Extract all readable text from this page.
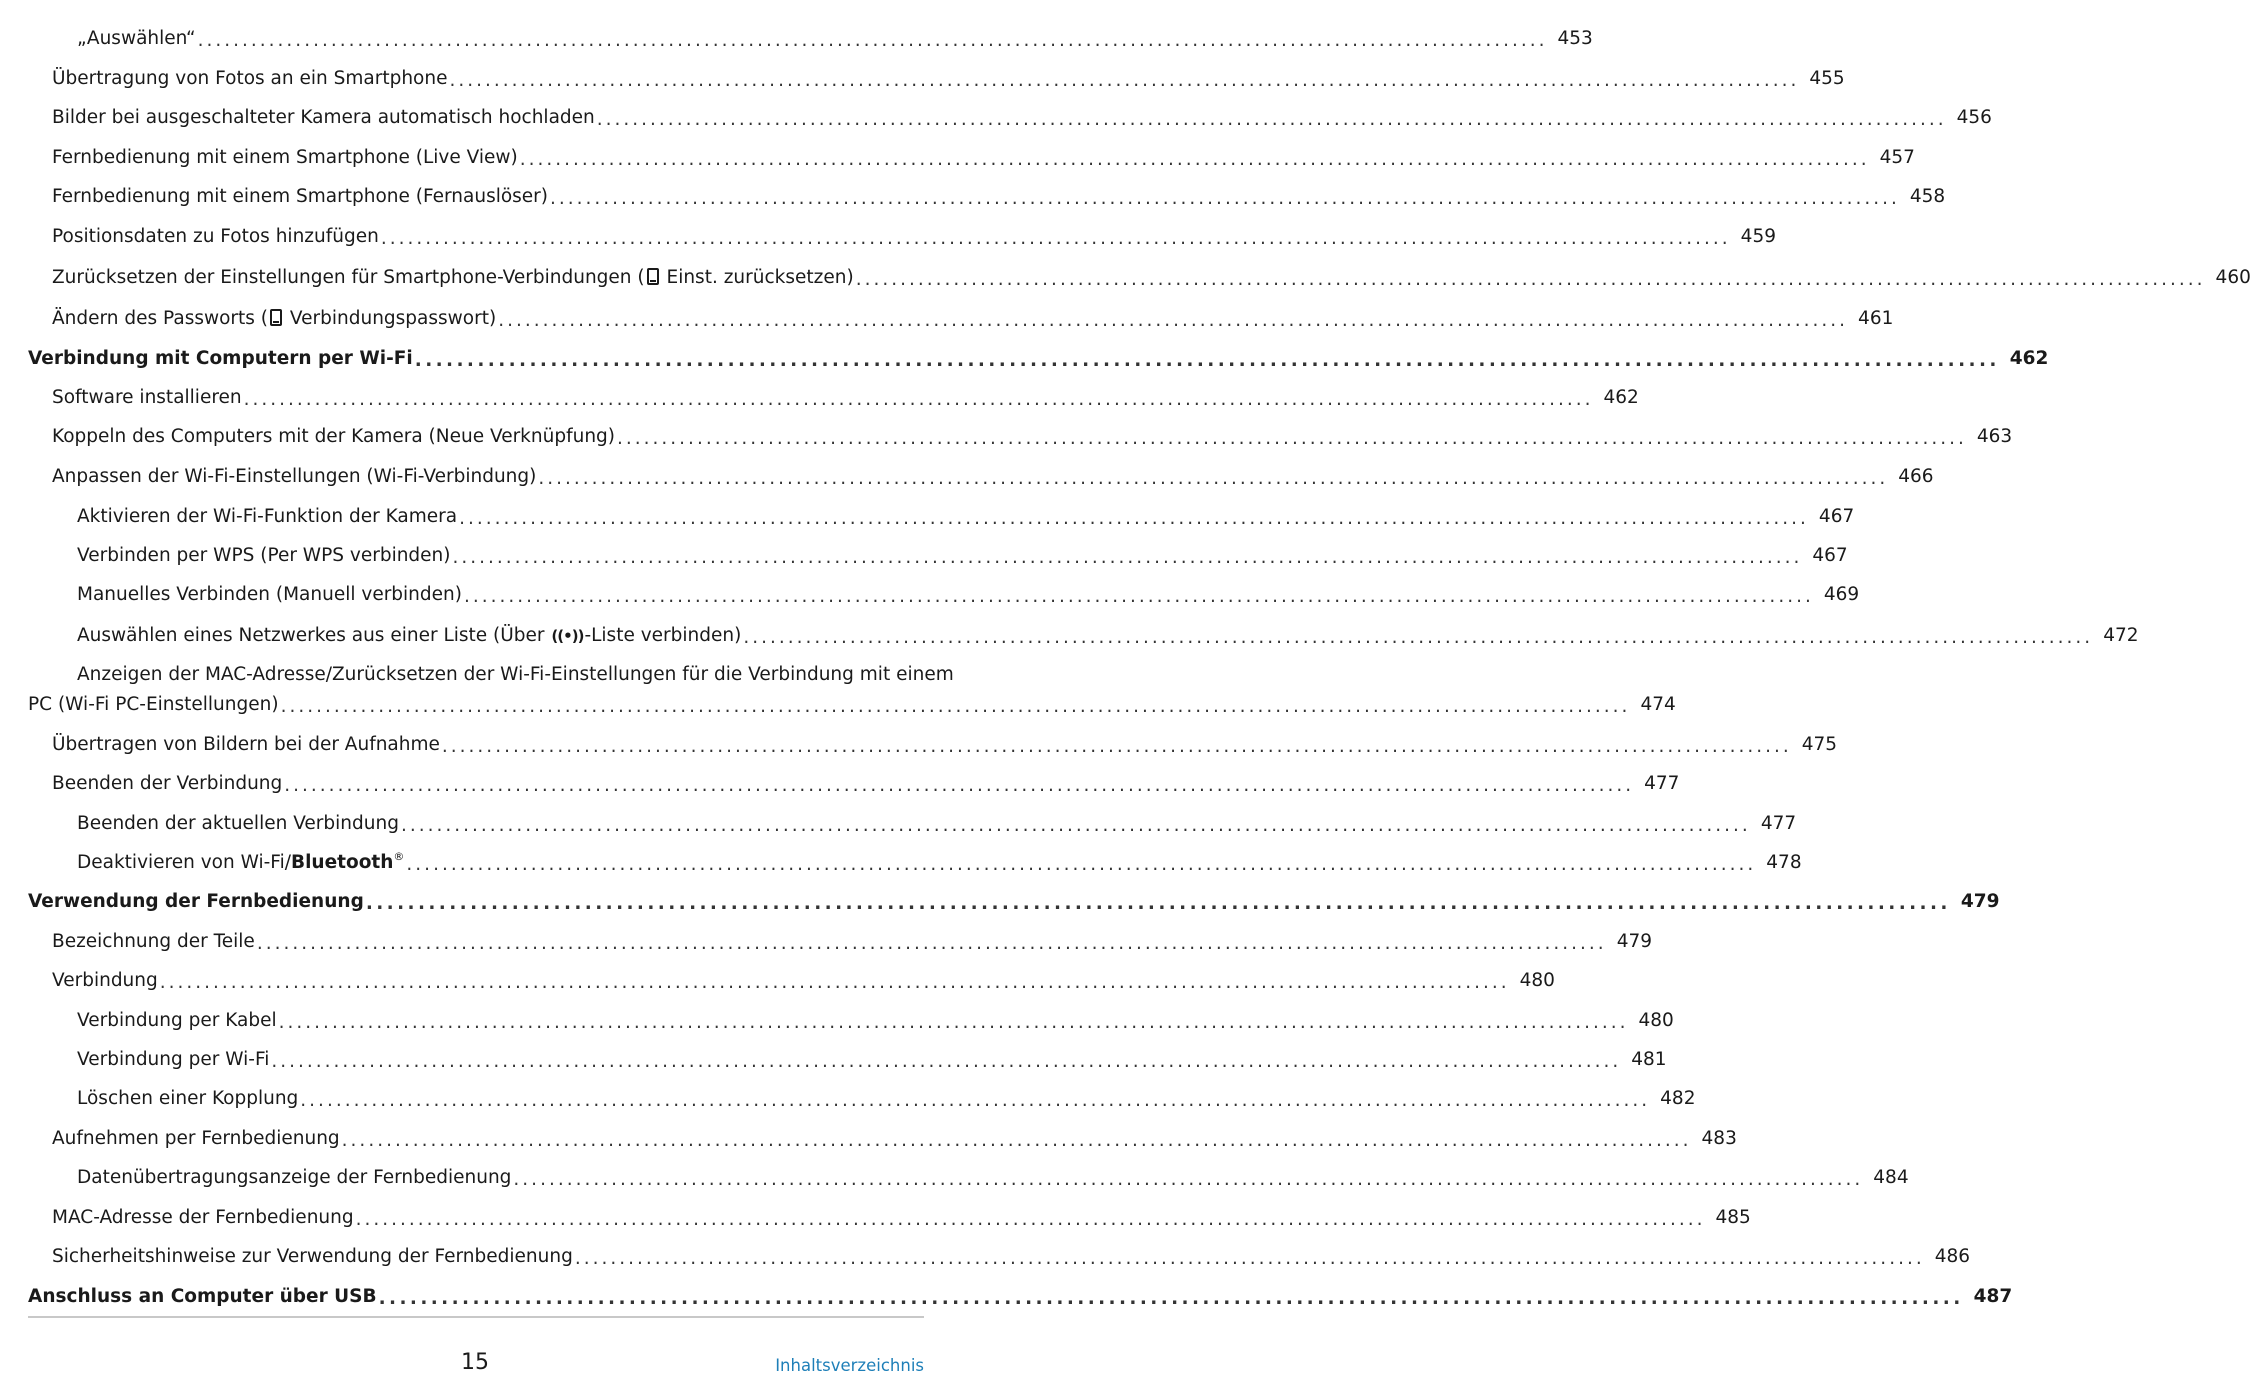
„Auswählen“ .....	453
Übertragung von Fotos an ein Smartphone .....	455
Bilder bei ausgeschalteter Kamera automatisch hochladen .....	456
Fernbedienung mit einem Smartphone (Live View) .....	457
Fernbedienung mit einem Smartphone (Fernauslöser) .....	458
Positionsdaten zu Fotos hinzufügen .....	459
Zurücksetzen der Einstellungen für Smartphone-Verbindungen ( Einst. zurücksetzen) .....	460
Ändern des Passworts ( Verbindungspasswort) .....	461
Verbindung mit Computern per Wi-Fi .....	462
Software installieren .....	462
Koppeln des Computers mit der Kamera (Neue Verknüpfung) .....	463
Anpassen der Wi-Fi-Einstellungen (Wi-Fi-Verbindung) .....	466
Aktivieren der Wi-Fi-Funktion der Kamera .....	467
Verbinden per WPS (Per WPS verbinden) .....	467
Manuelles Verbinden (Manuell verbinden) .....	469
Auswählen eines Netzwerkes aus einer Liste (Über ((•))-Liste verbinden) .....	472
Anzeigen der MAC-Adresse/Zurücksetzen der Wi-Fi-Einstellungen für die Verbindung mit einem
PC (Wi-Fi PC-Einstellungen) .....	474
Übertragen von Bildern bei der Aufnahme .....	475
Beenden der Verbindung .....	477
Beenden der aktuellen Verbindung .....	477
Deaktivieren von Wi-Fi/Bluetooth® .....	478
Verwendung der Fernbedienung .....	479
Bezeichnung der Teile .....	479
Verbindung .....	480
Verbindung per Kabel .....	480
Verbindung per Wi-Fi .....	481
Löschen einer Kopplung .....	482
Aufnehmen per Fernbedienung .....	483
Datenübertragungsanzeige der Fernbedienung .....	484
MAC-Adresse der Fernbedienung .....	485
Sicherheitshinweise zur Verwendung der Fernbedienung .....	486
Anschluss an Computer über USB .....	487
15	Inhaltsverzeichnis
